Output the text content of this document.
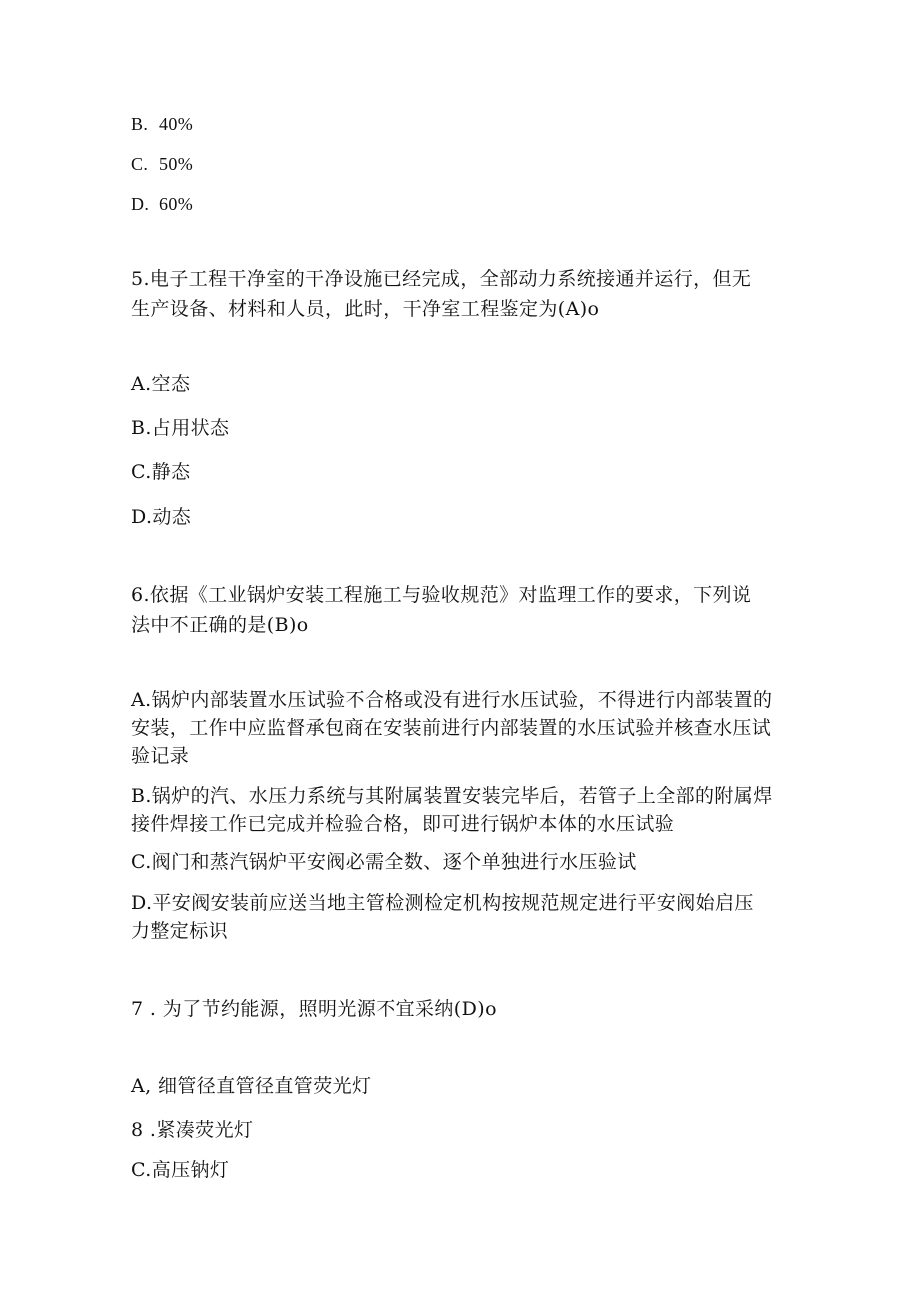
B. 40%
C. 50%
D. 60%
5.电子工程干净室的干净设施已经完成，全部动力系统接通并运行，但无
生产设备、材料和人员，此时，干净室工程鉴定为(A)o
A.空态
B.占用状态
C.静态
D.动态
6.依据《工业锅炉安装工程施工与验收规范》对监理工作的要求，下列说
法中不正确的是(B)o
A.锅炉内部装置水压试验不合格或没有进行水压试验，不得进行内部装置的
安装，工作中应监督承包商在安装前进行内部装置的水压试验并核查水压试
验记录
B.锅炉的汽、水压力系统与其附属装置安装完毕后，若管子上全部的附属焊
接件焊接工作已完成并检验合格，即可进行锅炉本体的水压试验
C.阀门和蒸汽锅炉平安阀必需全数、逐个单独进行水压验试
D.平安阀安装前应送当地主管检测检定机构按规范规定进行平安阀始启压
力整定标识
7 . 为了节约能源，照明光源不宜采纳(D)o
A, 细管径直管径直管荧光灯
8 .紧凑荧光灯
C.高压钠灯
